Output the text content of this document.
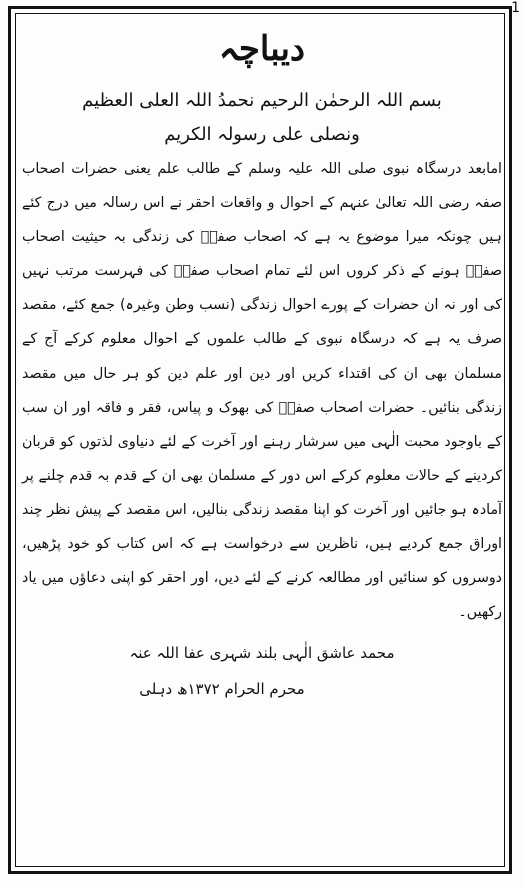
1
دیباچہ

بسم اللہ الرحمٰن الرحیم نحمدُ اللہ العلی العظیم

ونصلی علی رسولہ الکریم

امابعد درسگاہ نبوی صلی اللہ علیہ وسلم کے طالب علم یعنی حضرات اصحاب صفہ رضی اللہ تعالیٰ عنہم کے احوال و واقعات احقر نے اس رسالہ میں درج کئے ہیں چونکہ میرا موضوع یہ ہے کہ اصحاب صفہؓ کی زندگی بہ حیثیت اصحاب صفہؓ ہونے کے ذکر کروں اس لئے تمام اصحاب صفہؓ کی فہرست مرتب نہیں کی اور نہ ان حضرات کے پورے احوال زندگی (نسب وطن وغیرہ) جمع کئے، مقصد صرف یہ ہے کہ درسگاہ نبوی کے طالب علموں کے احوال معلوم کرکے آج کے مسلمان بھی ان کی اقتداء کریں اور دین اور علم دین کو ہر حال میں مقصد زندگی بنائیں۔ حضرات اصحاب صفہؓ کی بھوک و پیاس، فقر و فاقہ اور ان سب کے باوجود محبت الٰہی میں سرشار رہنے اور آخرت کے لئے دنیاوی لذتوں کو قربان کردینے کے حالات معلوم کرکے اس دور کے مسلمان بھی ان کے قدم بہ قدم چلنے پر آمادہ ہو جائیں اور آخرت کو اپنا مقصد زندگی بنالیں، اس مقصد کے پیش نظر چند اوراق جمع کردیے ہیں، ناظرین سے درخواست ہے کہ اس کتاب کو خود پڑھیں، دوسروں کو سنائیں اور مطالعہ کرنے کے لئے دیں، اور احقر کو اپنی دعاؤں میں یاد رکھیں۔

محمد عاشق الٰہی بلند شہری عفا اللہ عنہ

محرم الحرام ۱۳۷۲ھ دہلی
